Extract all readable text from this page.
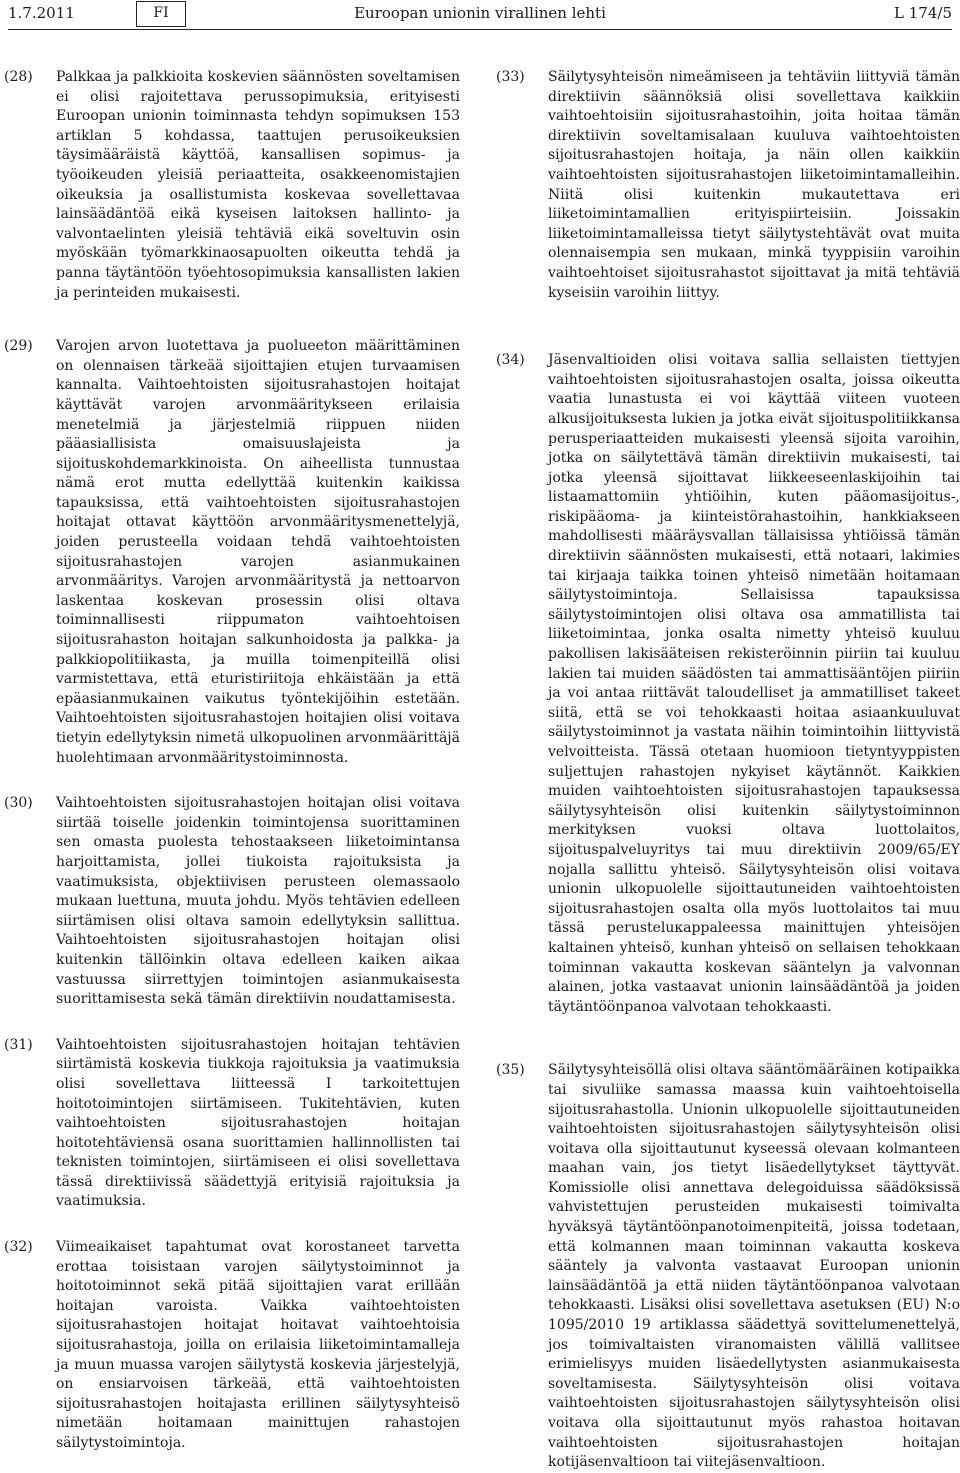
1.7.2011	FI	Euroopan unionin virallinen lehti	L 174/5
(28) Palkkaa ja palkkioita koskevien säännösten soveltamisen ei olisi rajoitettava perussopimuksia, erityisesti Euroopan unionin toiminnasta tehdyn sopimuksen 153 artiklan 5 kohdassa, taattujen perusoikeuksien täysimääräistä käyttöä, kansallisen sopimus- ja työoikeuden yleisiä periaatteita, osakkeenomistajien oikeuksia ja osallistumista koskevaa sovellettavaa lainsäädäntöä eikä kyseisen laitoksen hallinto- ja valvontaelinten yleisiä tehtäviä eikä soveltuvin osin myöskään työmarkkinaosapuolten oikeutta tehdä ja panna täytäntöön työehtosopimuksia kansallisten lakien ja perinteiden mukaisesti.
(29) Varojen arvon luotettava ja puolueeton määrittäminen on olennaisen tärkeää sijoittajien etujen turvaamisen kannalta. Vaihtoehtoisten sijoitusrahastojen hoitajat käyttävät varojen arvonmääritykseen erilaisia menetelmiä ja järjestelmiä riippuen niiden pääasiallisista omaisuuslajeista ja sijoituskohdemarkkinoista. On aiheellista tunnustaa nämä erot mutta edellyttää kuitenkin kaikissa tapauksissa, että vaihtoehtoisten sijoitusrahastojen hoitajat ottavat käyttöön arvonmääritysmenettelyjä, joiden perusteella voidaan tehdä vaihtoehtoisten sijoitusrahastojen varojen asianmukainen arvonmääritys. Varojen arvonmääritystä ja nettoarvon laskentaa koskevan prosessin olisi oltava toiminnallisesti riippumaton vaihtoehtoisen sijoitusrahaston hoitajan salkunhoidosta ja palkka- ja palkkiopolitiikasta, ja muilla toimenpiteillä olisi varmistettava, että eturistiriitoja ehkäistään ja että epäasianmukainen vaikutus työntekijöihin estetään. Vaihtoehtoisten sijoitusrahastojen hoitajien olisi voitava tietyin edellytyksin nimetä ulkopuolinen arvonmäärittäjä huolehtimaan arvonmääritystoiminnosta.
(30) Vaihtoehtoisten sijoitusrahastojen hoitajan olisi voitava siirtää toiselle joidenkin toimintojensa suorittaminen sen omasta puolesta tehostaakseen liiketoimintansa harjoittamista, jollei tiukoista rajoituksista ja vaatimuksista, objektiivisen perusteen olemassaolo mukaan luettuna, muuta johdu. Myös tehtävien edelleen siirtämisen olisi oltava samoin edellytyksin sallittua. Vaihtoehtoisten sijoitusrahastojen hoitajan olisi kuitenkin tällöinkin oltava edelleen kaiken aikaa vastuussa siirrettyjen toimintojen asianmukaisesta suorittamisesta sekä tämän direktiivin noudattamisesta.
(31) Vaihtoehtoisten sijoitusrahastojen hoitajan tehtävien siirtämistä koskevia tiukkoja rajoituksia ja vaatimuksia olisi sovellettava liitteessä I tarkoitettujen hoitotoimintojen siirtämiseen. Tukitehtävien, kuten vaihtoehtoisten sijoitusrahastojen hoitajan hoitotehtäviensä osana suorittamien hallinnollisten tai teknisten toimintojen, siirtämiseen ei olisi sovellettava tässä direktiivissä säädettyjä erityisiä rajoituksia ja vaatimuksia.
(32) Viimeaikaiset tapahtumat ovat korostaneet tarvetta erottaa toisistaan varojen säilytystoiminnot ja hoitotoiminnot sekä pitää sijoittajien varat erillään hoitajan varoista. Vaikka vaihtoehtoisten sijoitusrahastojen hoitajat hoitavat vaihtoehtoisia sijoitusrahastoja, joilla on erilaisia liiketoimintamalleja ja muun muassa varojen säilytystä koskevia järjestelyjä, on ensiarvoisen tärkeää, että vaihtoehtoisten sijoitusrahastojen hoitajasta erillinen säilytysyhteisö nimetään hoitamaan mainittujen rahastojen säilytystoimintoja.
(33) Säilytysyhteisön nimeämiseen ja tehtäviin liittyviä tämän direktiivin säännöksiä olisi sovellettava kaikkiin vaihtoehtoisiin sijoitusrahastoihin, joita hoitaa tämän direktiivin soveltamisalaan kuuluva vaihtoehtoisten sijoitusrahastojen hoitaja, ja näin ollen kaikkiin vaihtoehtoisten sijoitusrahastojen liiketoimintamalleihin. Niitä olisi kuitenkin mukautettava eri liiketoimintamallien erityispiirteisiin. Joissakin liiketoimintamalleissa tietyt säilytystehtävät ovat muita olennaisempia sen mukaan, minkä tyyppisiin varoihin vaihtoehtoiset sijoitusrahastot sijoittavat ja mitä tehtäviä kyseisiin varoihin liittyy.
(34) Jäsenvaltioiden olisi voitava sallia sellaisten tiettyjen vaihtoehtoisten sijoitusrahastojen osalta, joissa oikeutta vaatia lunastusta ei voi käyttää viiteen vuoteen alkusijoituksesta lukien ja jotka eivät sijoituspolitiikkansa perusperiaatteiden mukaisesti yleensä sijoita varoihin, jotka on säilytettävä tämän direktiivin mukaisesti, tai jotka yleensä sijoittavat liikkeeseenlaskijoihin tai listaamattomiin yhtiöihin, kuten pääomasijoitus-, riskipääoma- ja kiinteistörahastoihin, hankkiakseen mahdollisesti määräysvallan tällaisissa yhtiöissä tämän direktiivin säännösten mukaisesti, että notaari, lakimies tai kirjaaja taikka toinen yhteisö nimetään hoitamaan säilytystoimintoja. Sellaisissa tapauksissa säilytystoimintojen olisi oltava osa ammatillista tai liiketoimintaa, jonka osalta nimetty yhteisö kuuluu pakollisen lakisääteisen rekisteröinnin piiriin tai kuuluu lakien tai muiden säädösten tai ammattisääntöjen piiriin ja voi antaa riittävät taloudelliset ja ammatilliset takeet siitä, että se voi tehokkaasti hoitaa asiaankuuluvat säilytystoiminnot ja vastata näihin toimintoihin liittyvistä velvoitteista. Tässä otetaan huomioon tietyntyyppisten suljettujen rahastojen nykyiset käytännöt. Kaikkien muiden vaihtoehtoisten sijoitusrahastojen tapauksessa säilytysyhteisön olisi kuitenkin säilytystoiminnon merkityksen vuoksi oltava luottolaitos, sijoituspalveluyritys tai muu direktiivin 2009/65/EY nojalla sallittu yhteisö. Säilytysyhteisön olisi voitava unionin ulkopuolelle sijoittautuneiden vaihtoehtoisten sijoitusrahastojen osalta olla myös luottolaitos tai muu tässä perusteluкappaleessa mainittujen yhteisöjen kaltainen yhteisö, kunhan yhteisö on sellaisen tehokkaan toiminnan vakautta koskevan sääntelyn ja valvonnan alainen, jotka vastaavat unionin lainsäädäntöä ja joiden täytäntöönpanoa valvotaan tehokkaasti.
(35) Säilytysyhteisöllä olisi oltava sääntömääräinen kotipaikka tai sivuliike samassa maassa kuin vaihtoehtoisella sijoitusrahastolla. Unionin ulkopuolelle sijoittautuneiden vaihtoehtoisten sijoitusrahastojen säilytysyhteisön olisi voitava olla sijoittautunut kyseessä olevaan kolmanteen maahan vain, jos tietyt lisäedellytykset täyttyvät. Komissiolle olisi annettava delegoiduissa säädöksissä vahvistettujen perusteiden mukaisesti toimivalta hyväksyä täytäntöönpanotoimenpiteitä, joissa todetaan, että kolmannen maan toiminnan vakautta koskeva sääntely ja valvonta vastaavat Euroopan unionin lainsäädäntöä ja että niiden täytäntöönpanoa valvotaan tehokkaasti. Lisäksi olisi sovellettava asetuksen (EU) N:o 1095/2010 19 artiklassa säädettyä sovittelumenettelyä, jos toimivaltaisten viranomaisten välillä vallitsee erimielisyys muiden lisäedellytysten asianmukaisesta soveltamisesta. Säilytysyhteisön olisi voitava vaihtoehtoisten sijoitusrahastojen säilytysyhteisön olisi voitava olla sijoittautunut myös rahastoa hoitavan vaihtoehtoisten sijoitusrahastojen hoitajan kotijäsenvaltioon tai viitejäsenvaltioon.
